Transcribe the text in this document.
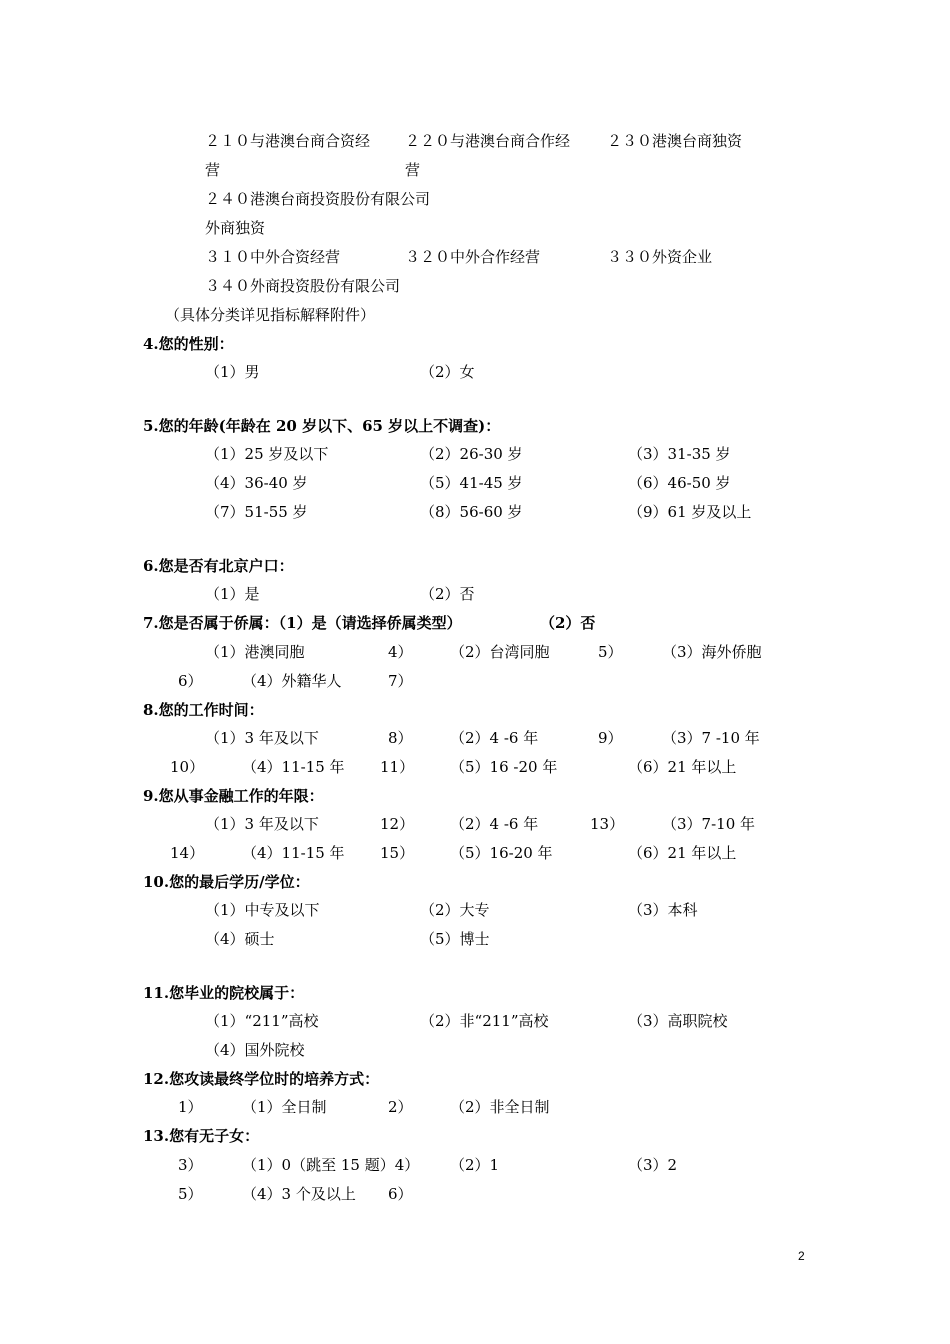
２１０与港澳台商合资经 ２２０与港澳台商合作经 ２３０港澳台商独资
营	营
２４０港澳台商投资股份有限公司
外商独资
３１０中外合资经营	３２０中外合作经营	３３０外资企业
３４０外商投资股份有限公司
（具体分类详见指标解释附件）
4.您的性别：
（1）男	（2）女
5.您的年龄(年龄在 20 岁以下、65 岁以上不调查)：
（1）25 岁及以下	（2）26-30 岁	（3）31-35 岁
（4）36-40 岁	（5）41-45 岁	（6）46-50 岁
（7）51-55 岁	（8）56-60 岁	（9）61 岁及以上
6.您是否有北京户口：
（1）是	（2）否
7.您是否属于侨属：（1）是（请选择侨属类型）	（2）否
（1）港澳同胞	4） （2）台湾同胞	5）	（3）海外侨胞
6）	（4）外籍华人	7）
8.您的工作时间：
（1）3 年及以下	8） （2）4 -6 年	9）	（3）7 -10 年
10）	（4）11-15 年 11） （5）16 -20 年	（6）21 年以上
9.您从事金融工作的年限：
（1）3 年及以下	12） （2）4 -6 年	13）	（3）7-10 年
14）	（4）11-15 年 15） （5）16-20 年	（6）21 年以上
10.您的最后学历/学位：
（1）中专及以下	（2）大专	（3）本科
（4）硕士	（5）博士
11.您毕业的院校属于：
（1）“211”高校	（2）非“211”高校	（3）高职院校
（4）国外院校
12.您攻读最终学位时的培养方式：
1）	（1）全日制	2） （2）非全日制
13.您有无子女：
3）	（1）0（跳至 15 题）4） （2）1	（3）2
5）	（4）3 个及以上 6）
2
